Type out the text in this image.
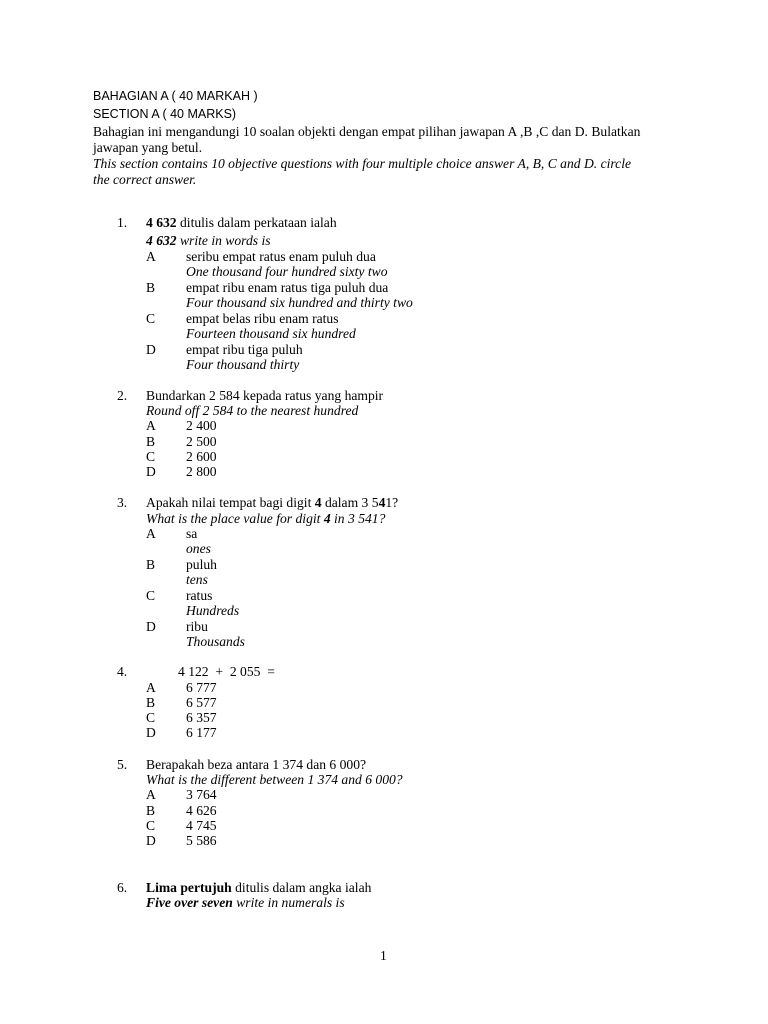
BAHAGIAN A ( 40 MARKAH )
SECTION A ( 40 MARKS)
Bahagian ini mengandungi 10 soalan objekti dengan empat pilihan jawapan A ,B ,C dan D. Bulatkan
jawapan yang betul.
This section contains 10 objective questions with four multiple choice answer A, B, C and D. circle
the correct answer.
1. 4 632 ditulis dalam perkataan ialah
4 632 write in words is
A seribu empat ratus enam puluh dua
One thousand four hundred sixty two
B empat ribu enam ratus tiga puluh dua
Four thousand six hundred and thirty two
C empat belas ribu enam ratus
Fourteen thousand six hundred
D empat ribu tiga puluh
Four thousand thirty
2. Bundarkan 2 584 kepada ratus yang hampir
Round off 2 584 to the nearest hundred
A 2 400
B 2 500
C 2 600
D 2 800
3. Apakah nilai tempat bagi digit 4 dalam 3 541?
What is the place value for digit 4 in 3 541?
A sa
ones
B puluh
tens
C ratus
Hundreds
D ribu
Thousands
4.	4 122  +  2 055  =
A 6 777
B 6 577
C 6 357
D 6 177
5. Berapakah beza antara 1 374 dan 6 000?
What is the different between 1 374 and 6 000?
A 3 764
B 4 626
C 4 745
D 5 586
6. Lima pertujuh ditulis dalam angka ialah
Five over seven write in numerals is
1
